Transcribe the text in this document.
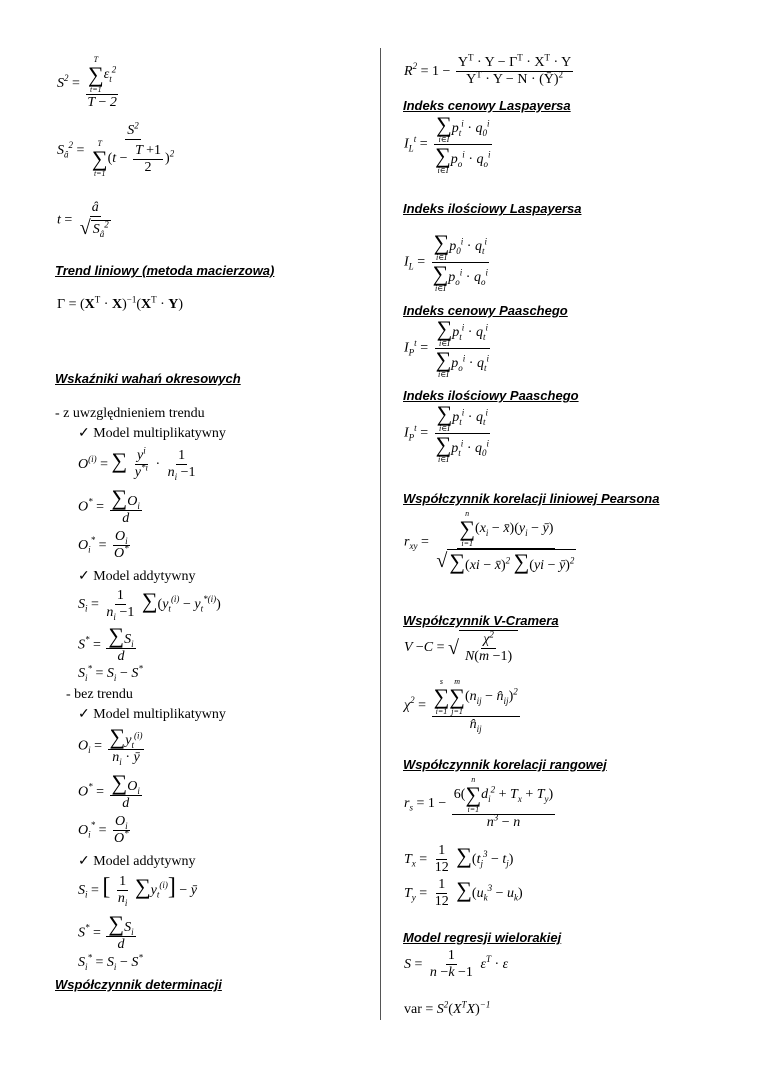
$S^2 = T$
∑
t=1
$\varepsilon_t^2$
T − 2
$S_â^2 = S^2$
T
∑
t=1
$(t - \frac{T +1}{2} )^2$
$t = \frac{â}{√ S_â^2}$
Trend liniowy (metoda macierzowa)
$\Gamma = (X^T \cdot X)^{-1}(X^T \cdot Y)$
Wskaźniki wahań okresowych
- z uwzględnieniem trendu
✓ Model multiplikatywny
$O^{(i)}$ = ∑ $\frac{y^i}{y^{*i}} \cdot \frac{1}{n_i -1}$
$O^* = \frac{\sum O_i}{d}$
$O_i^* = \frac{O_i}{O^*}$
✓ Model addytywny
$S_i = \frac{1}{n_i -1} \sum(y_t^{(i)} - y_t^{*(i)})$
$S^* = \frac{\sum S_i}{d}$
$S_i^* = S_i - S^*$
- bez trendu
✓ Model multiplikatywny
$O_i = \frac{\sum y_t^{(i)}}{n_i \cdot ȳ}$
$O^* = \frac{\sum O_i}{d}$
$O_i^* = \frac{O_i}{O^*}$
✓ Model addytywny
$S_i$ = [ $\frac{1}{n_i} \sum y_t^{(i)}$] − ȳ
$S^* = \frac{\sum S_i}{d}$
$S_i^* = S_i - S^*$
Współczynnik determinacji
$R^2 = 1 - \frac{Y^T \cdot Y - \Gamma^T \cdot X^T \cdot Y}{Y^T \cdot Y - N \cdot (Ȳ)^2}$
Indeks cenowy Laspayersa
$I_L^t$ = ∑
i∈I
$p_t^i \cdot q_0^i$
∑
i∈I
$p_o^i \cdot q_o^i$
Indeks ilościowy Laspayersa
$I_L$ = ∑
i∈I
$p_0^i \cdot q_t^i$
∑
i∈I
$p_o^i \cdot q_o^i$
Indeks cenowy Paaschego
$I_P^t$ = ∑
i∈I
$p_t^i \cdot q_t^i$
∑
i∈I
$p_o^i \cdot q_t^i$
Indeks ilościowy Paaschego
$I_P^t$ = ∑
i∈I
$p_t^i \cdot q_t^i$
∑
i∈I
$p_t^i \cdot q_0^i$
Współczynnik korelacji liniowej Pearsona
$r_{xy} = n$
∑
i=1
($x_i$ − $x̄)(y_i$ − ȳ)
√ ∑(xi − x̄)$^2$ ∑(yi − ȳ)$^2$
Współczynnik V-Cramera
V −C = √ $\frac{\chi^2}{N(m -1)}$
$\chi^2 = s$
∑
i=1
m
∑
j=1
($n_{ij}$ − $n̂_{ij})^2$
$n̂_{ij}$
Współczynnik korelacji rangowej
$r_s = 1 - 6$(
n
∑
i=1
$d_i^2 + T_x + T_y$)
$n^3 - n$
$T_x = \frac{1}{12} \sum(t_j^3 - t_j)$
$T_y = \frac{1}{12} \sum(u_k^3 - u_k)$
Model regresji wielorakiej
$S = \frac{1}{n -k -1} \varepsilon^T \cdot \varepsilon$
var = $S^2(X^TX)^{-1}$
